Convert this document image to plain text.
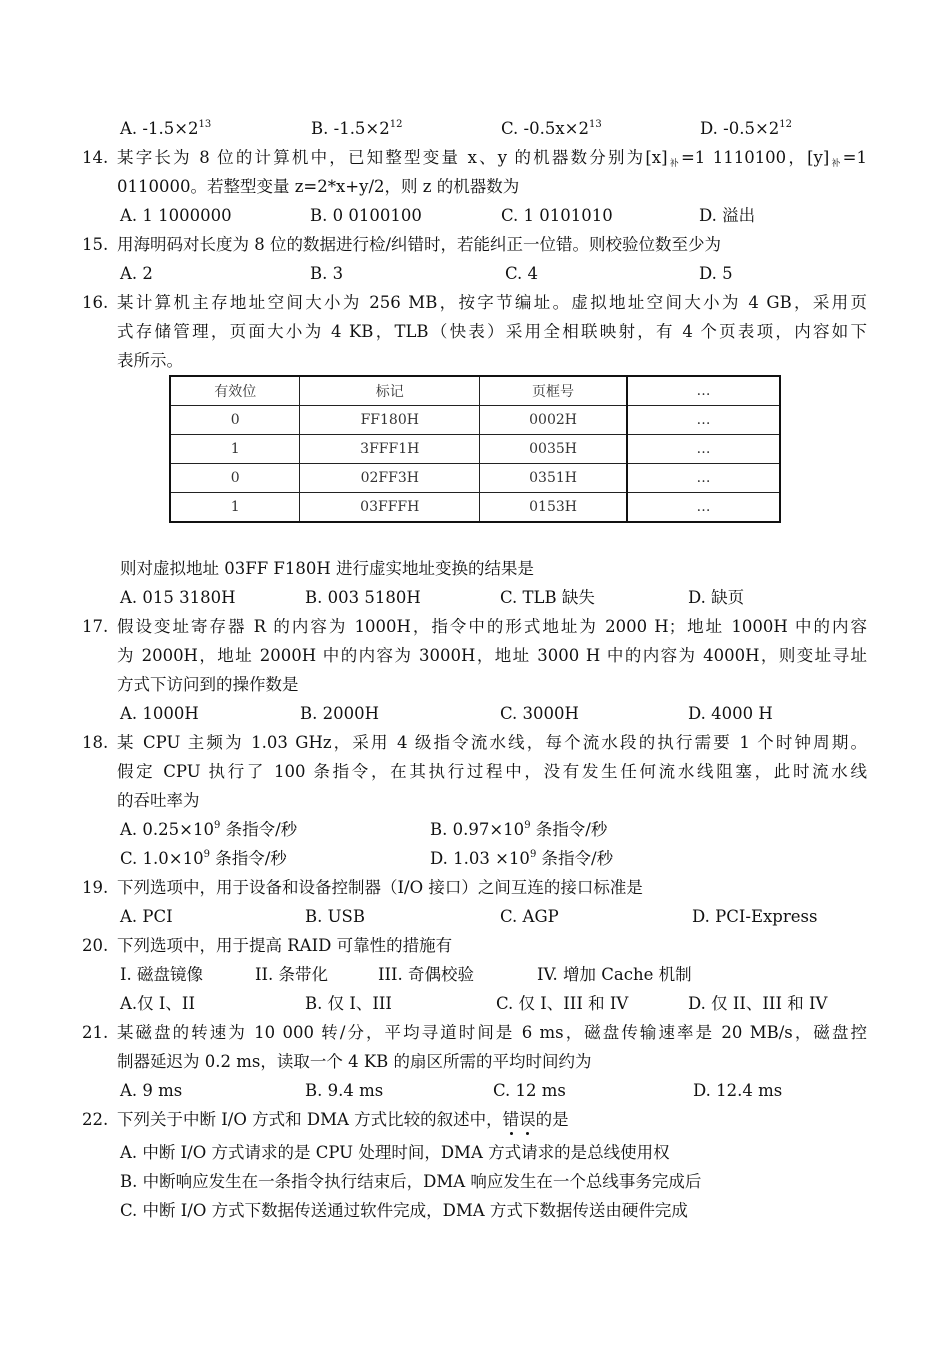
A. $-1.5\times 2^{13}$	B. $-1.5\times 2^{12}$	C. $-0.5x\times 2^{13}$	D. $-0.5\times 2^{12}$
14. 某字长为 8 位的计算机中，已知整型变量 x、y 的机器数分别为$[x]_补=1$ 1110100，$[y]_补=1$
0110000。若整型变量 z=2*x+y/2，则 z 的机器数为
A. 1 1000000	B. 0 0100100	C. 1 0101010	D. 溢出
15. 用海明码对长度为 8 位的数据进行检/纠错时，若能纠正一位错。则校验位数至少为
A. 2	B. 3	C. 4	D. 5
16. 某计算机主存地址空间大小为 256 MB，按字节编址。虚拟地址空间大小为 4 GB，采用页
式存储管理，页面大小为 4 KB，TLB（快表）采用全相联映射，有 4 个页表项，内容如下
表所示。
有效位	标记	页框号	…
0	FF180H	0002H	…
1	3FFF1H	0035H	…
0	02FF3H	0351H	…
1	03FFFH	0153H	…
则对虚拟地址 03FF F180H 进行虚实地址变换的结果是
A. 015 3180H	B. 003 5180H	C. TLB 缺失	D. 缺页
17. 假设变址寄存器 R 的内容为 1000H，指令中的形式地址为 2000 H；地址 1000H 中的内容
为 2000H，地址 2000H 中的内容为 3000H，地址 3000 H 中的内容为 4000H，则变址寻址
方式下访问到的操作数是
A. 1000H	B. 2000H	C. 3000H	D. 4000 H
18. 某 CPU 主频为 1.03 GHz，采用 4 级指令流水线，每个流水段的执行需要 1 个时钟周期。
假定 CPU 执行了 100 条指令，在其执行过程中，没有发生任何流水线阻塞，此时流水线
的吞吐率为
A. $0.25\times 10^9$ 条指令/秒	B. $0.97\times 10^9$ 条指令/秒
C. $1.0\times 10^9$ 条指令/秒	D. $1.03 \times 10^9$ 条指令/秒
19. 下列选项中，用于设备和设备控制器（I/O 接口）之间互连的接口标准是
A. PCI	B. USB	C. AGP	D. PCI-Express
20. 下列选项中，用于提高 RAID 可靠性的措施有
I. 磁盘镜像	II. 条带化	III. 奇偶校验	IV. 增加 Cache 机制
A.仅 I、II	B. 仅 I、III	C. 仅 I、III 和 IV	D. 仅 II、III 和 IV
21. 某磁盘的转速为 10 000 转/分，平均寻道时间是 6 ms，磁盘传输速率是 20 MB/s，磁盘控
制器延迟为 0.2 ms，读取一个 4 KB 的扇区所需的平均时间约为
A. 9 ms	B. 9.4 ms	C. 12 ms	D. 12.4 ms
22. 下列关于中断 I/O 方式和 DMA 方式比较的叙述中，错误的是
A. 中断 I/O 方式请求的是 CPU 处理时间，DMA 方式请求的是总线使用权
B. 中断响应发生在一条指令执行结束后，DMA 响应发生在一个总线事务完成后
C. 中断 I/O 方式下数据传送通过软件完成，DMA 方式下数据传送由硬件完成
